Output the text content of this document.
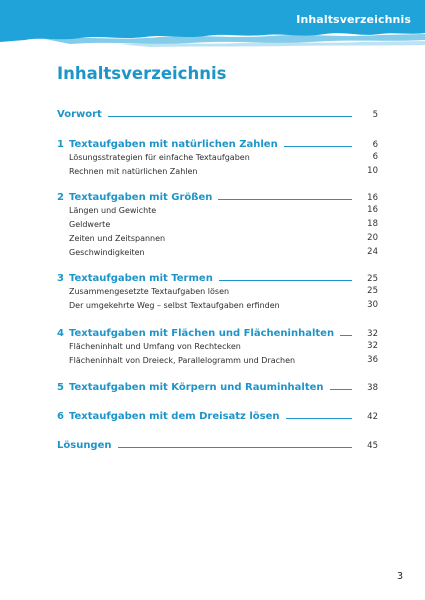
Inhaltsverzeichnis
Inhaltsverzeichnis
Vorwort	5
1 Textaufgaben mit natürlichen Zahlen	6
Lösungsstrategien für einfache Textaufgaben	6
Rechnen mit natürlichen Zahlen	10
2 Textaufgaben mit Größen	16
Längen und Gewichte	16
Geldwerte	18
Zeiten und Zeitspannen	20
Geschwindigkeiten	24
3 Textaufgaben mit Termen	25
Zusammengesetzte Textaufgaben lösen	25
Der umgekehrte Weg – selbst Textaufgaben erfinden	30
4 Textaufgaben mit Flächen und Flächeninhalten	32
Flächeninhalt und Umfang von Rechtecken	32
Flächeninhalt von Dreieck, Parallelogramm und Drachen	36
5 Textaufgaben mit Körpern und Rauminhalten	38
6 Textaufgaben mit dem Dreisatz lösen	42
Lösungen	45
3
